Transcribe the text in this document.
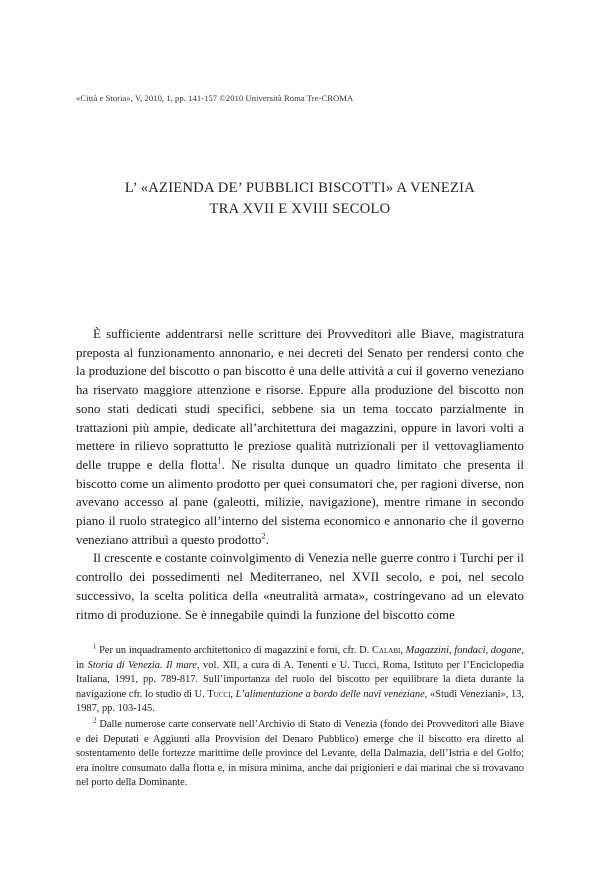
«Città e Storia», V, 2010, 1, pp. 141-157 ©2010 Università Roma Tre-CROMA
L’ «AZIENDA DE’ PUBBLICI BISCOTTI» A VENEZIA
TRA XVII E XVIII SECOLO

È sufficiente addentrarsi nelle scritture dei Provveditori alle Biave, magistratura preposta al funzionamento annonario, e nei decreti del Senato per rendersi conto che la produzione del biscotto o pan biscotto è una delle attività a cui il governo veneziano ha riservato maggiore attenzione e risorse. Eppure alla produzione del biscotto non sono stati dedicati studi specifici, sebbene sia un tema toccato parzialmente in trattazioni più ampie, dedicate all’architettura dei magazzini, oppure in lavori volti a mettere in rilievo soprattutto le preziose qualità nutrizionali per il vettovagliamento delle truppe e della flotta$^1$. Ne risulta dunque un quadro limitato che presenta il biscotto come un alimento prodotto per quei consumatori che, per ragioni diverse, non avevano accesso al pane (galeotti, milizie, navigazione), mentre rimane in secondo piano il ruolo strategico all’interno del sistema economico e annonario che il governo veneziano attribuì a questo prodotto$^2$.

Il crescente e costante coinvolgimento di Venezia nelle guerre contro i Turchi per il controllo dei possedimenti nel Mediterraneo, nel XVII secolo, e poi, nel secolo successivo, la scelta politica della «neutralità armata», costringevano ad un elevato ritmo di produzione. Se è innegabile quindi la funzione del biscotto come

$^1$ Per un inquadramento architettonico di magazzini e forni, cfr. D. Calabi, Magazzini, fondaci, dogane, in Storia di Venezia. Il mare, vol. XII, a cura di A. Tenenti e U. Tucci, Roma, Istituto per l’Enciclopedia Italiana, 1991, pp. 789-817. Sull’importanza del ruolo del biscotto per equilibrare la dieta durante la navigazione cfr. lo studio di U. Tucci, L’alimentazione a bordo delle navi veneziane, «Studi Veneziani», 13, 1987, pp. 103-145.

$^2$ Dalle numerose carte conservate nell’Archivio di Stato di Venezia (fondo dei Provveditori alle Biave e dei Deputati e Aggiunti alla Provvision del Denaro Pubblico) emerge che il biscotto era diretto al sostentamento delle fortezze marittime delle province del Levante, della Dalmazia, dell’Istria e del Golfo; era inoltre consumato dalla flotta e, in misura minima, anche dai prigionieri e dai marinai che si trovavano nel porto della Dominante.
